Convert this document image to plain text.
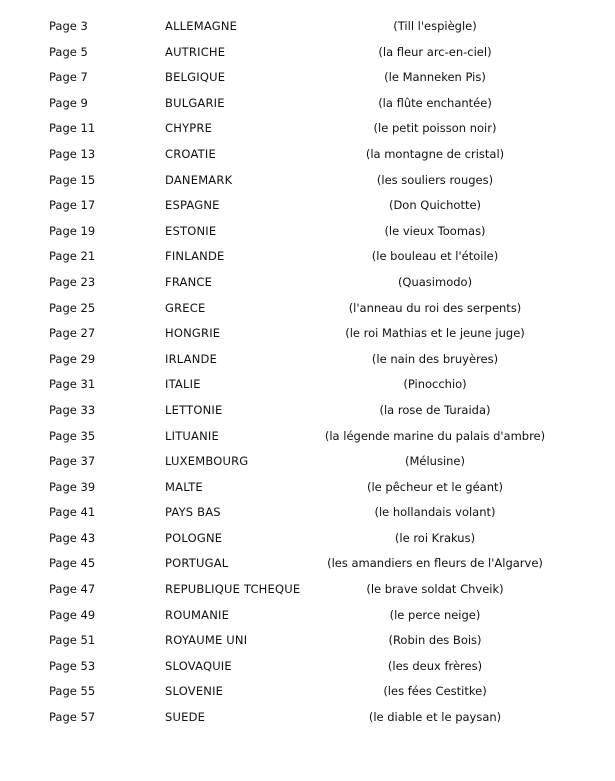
Page 3	ALLEMAGNE	(Till l'espiègle)
Page 5	AUTRICHE	(la fleur arc-en-ciel)
Page 7	BELGIQUE	(le Manneken Pis)
Page 9	BULGARIE	(la flûte enchantée)
Page 11	CHYPRE	(le petit poisson noir)
Page 13	CROATIE	(la montagne de cristal)
Page 15	DANEMARK	(les souliers rouges)
Page 17	ESPAGNE	(Don Quichotte)
Page 19	ESTONIE	(le vieux Toomas)
Page 21	FINLANDE	(le bouleau et l'étoile)
Page 23	FRANCE	(Quasimodo)
Page 25	GRECE	(l'anneau du roi des serpents)
Page 27	HONGRIE	(le roi Mathias et le jeune juge)
Page 29	IRLANDE	(le nain des bruyères)
Page 31	ITALIE	(Pinocchio)
Page 33	LETTONIE	(la rose de Turaida)
Page 35	LITUANIE	(la légende marine du palais d'ambre)
Page 37	LUXEMBOURG	(Mélusine)
Page 39	MALTE	(le pêcheur et le géant)
Page 41	PAYS BAS	(le hollandais volant)
Page 43	POLOGNE	(le roi Krakus)
Page 45	PORTUGAL	(les amandiers en fleurs de l'Algarve)
Page 47	REPUBLIQUE TCHEQUE	(le brave soldat Chveik)
Page 49	ROUMANIE	(le perce neige)
Page 51	ROYAUME UNI	(Robin des Bois)
Page 53	SLOVAQUIE	(les deux frères)
Page 55	SLOVENIE	(les fées Cestitke)
Page 57	SUEDE	(le diable et le paysan)
